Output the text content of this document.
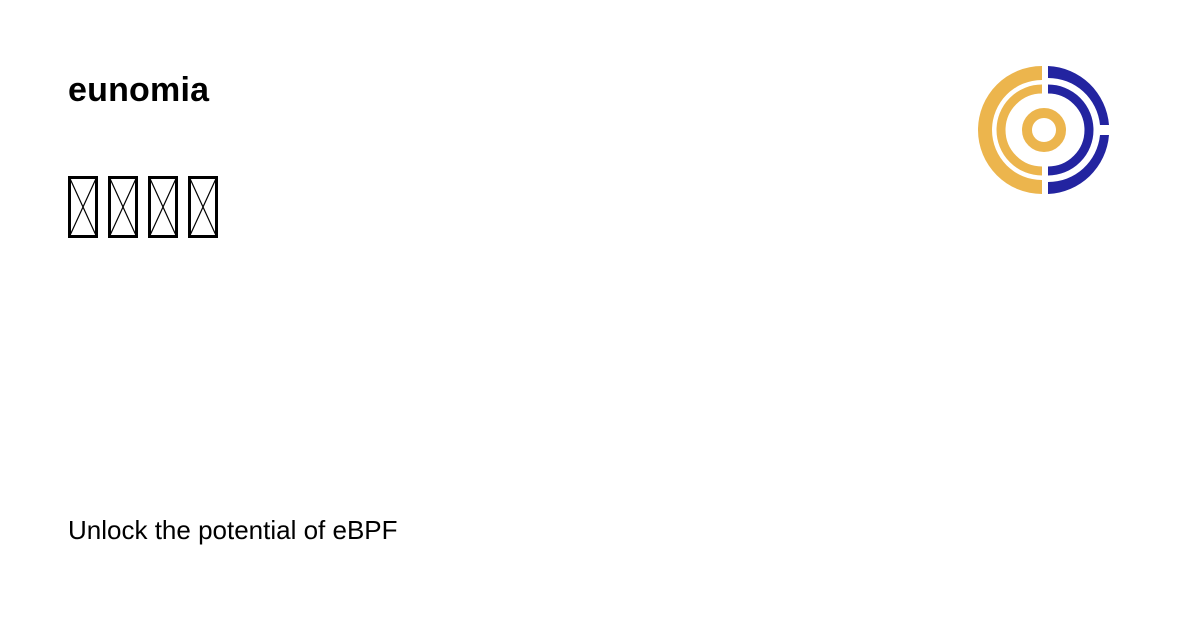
eunomia
Unlock the potential of eBPF
